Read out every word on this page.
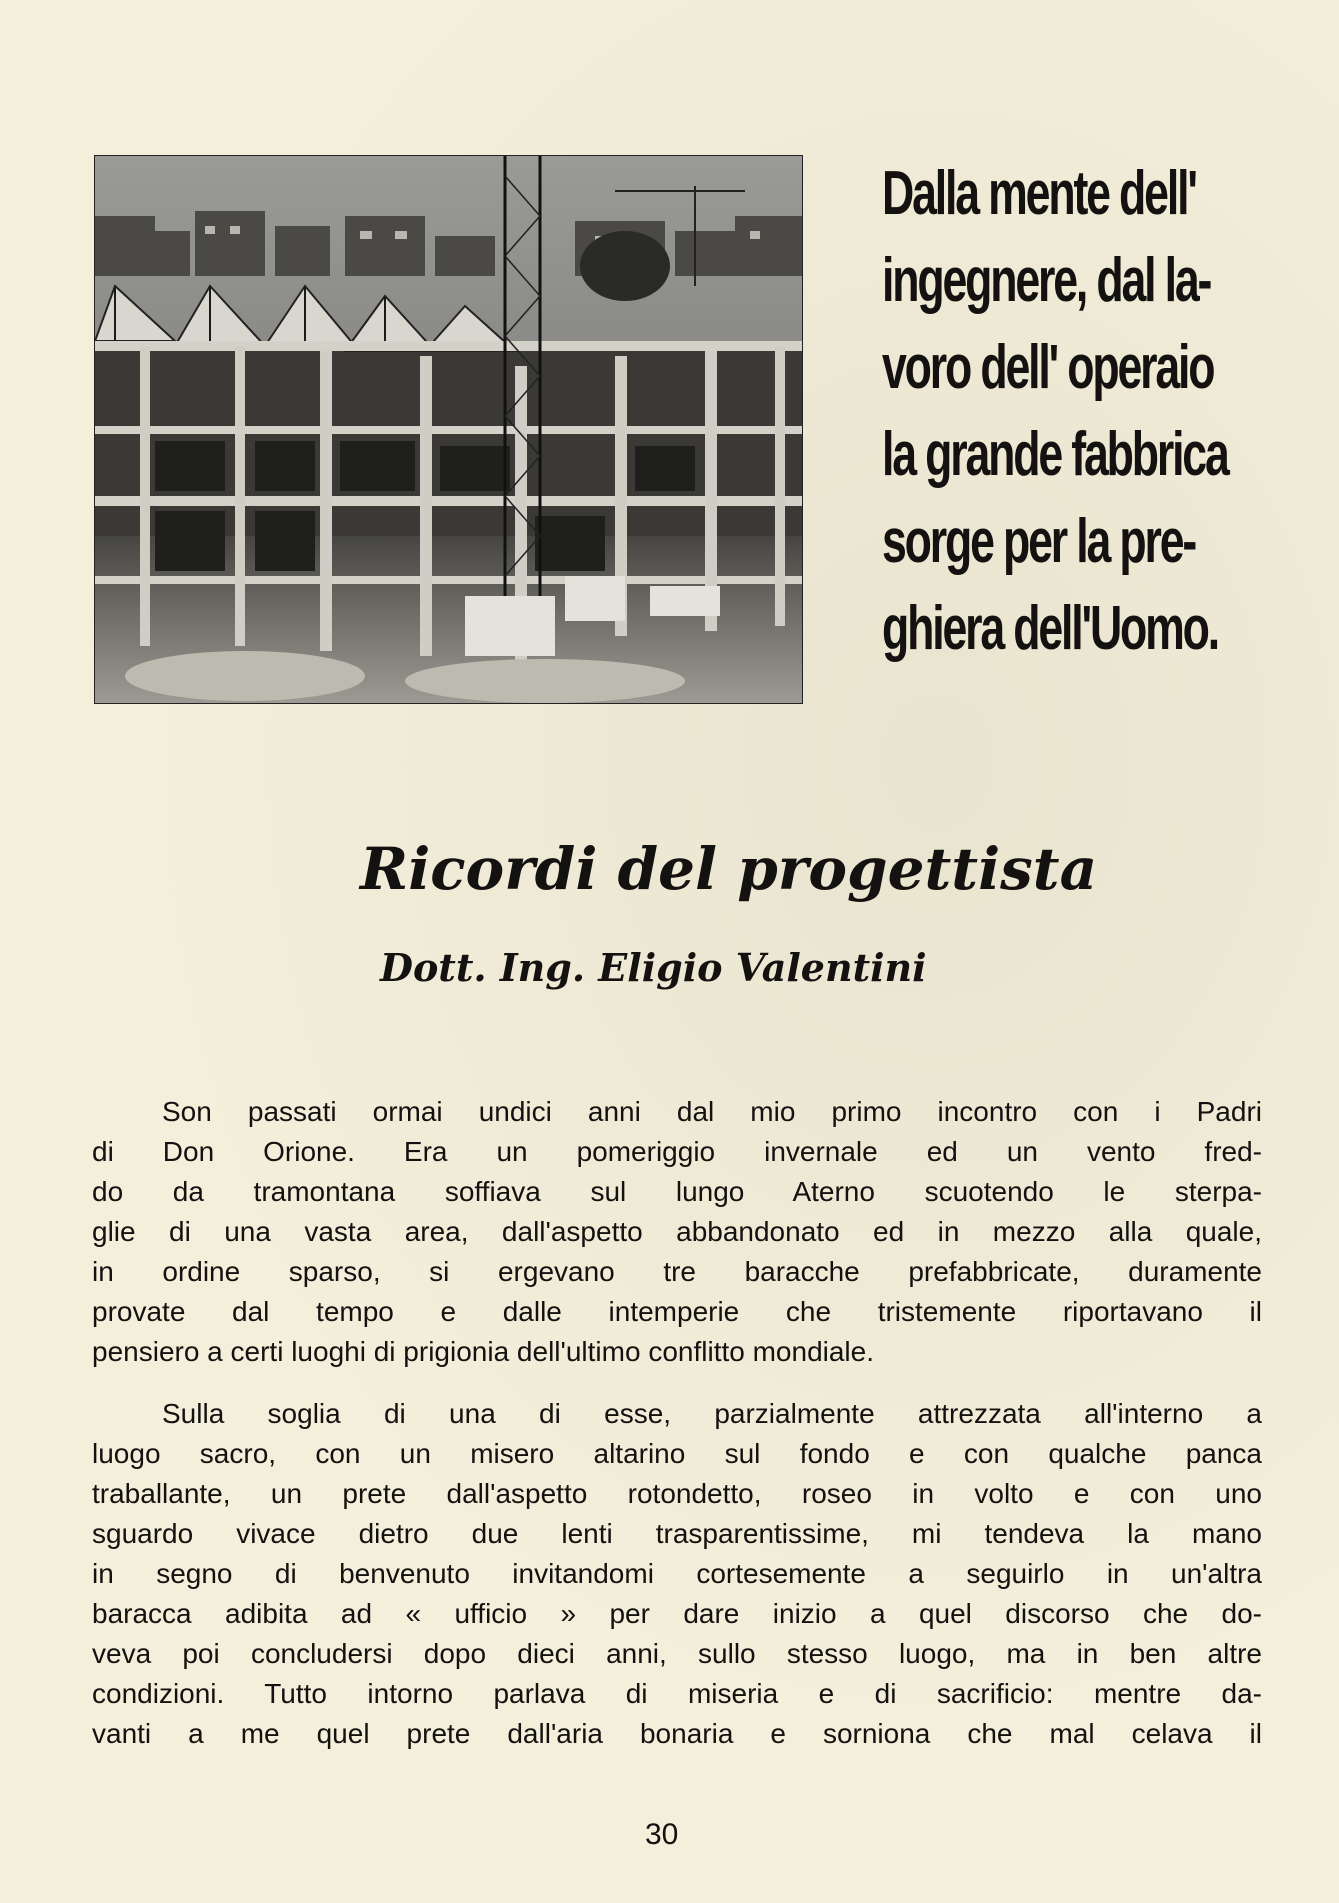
Dalla mente dell'
ingegnere, dal la-
voro dell' operaio
la grande fabbrica
sorge per la pre-
ghiera dell'Uomo.
Ricordi del progettista
Dott. Ing. Eligio Valentini
Son passati ormai undici anni dal mio primo incontro con i Padri
di Don Orione. Era un pomeriggio invernale ed un vento fred-
do da tramontana soffiava sul lungo Aterno scuotendo le sterpa-
glie di una vasta area, dall'aspetto abbandonato ed in mezzo alla quale,
in ordine sparso, si ergevano tre baracche prefabbricate, duramente
provate dal tempo e dalle intemperie che tristemente riportavano il
pensiero a certi luoghi di prigionia dell'ultimo conflitto mondiale.
Sulla soglia di una di esse, parzialmente attrezzata all'interno a
luogo sacro, con un misero altarino sul fondo e con qualche panca
traballante, un prete dall'aspetto rotondetto, roseo in volto e con uno
sguardo vivace dietro due lenti trasparentissime, mi tendeva la mano
in segno di benvenuto invitandomi cortesemente a seguirlo in un'altra
baracca adibita ad « ufficio » per dare inizio a quel discorso che do-
veva poi concludersi dopo dieci anni, sullo stesso luogo, ma in ben altre
condizioni. Tutto intorno parlava di miseria e di sacrificio: mentre da-
vanti a me quel prete dall'aria bonaria e sorniona che mal celava il
30
